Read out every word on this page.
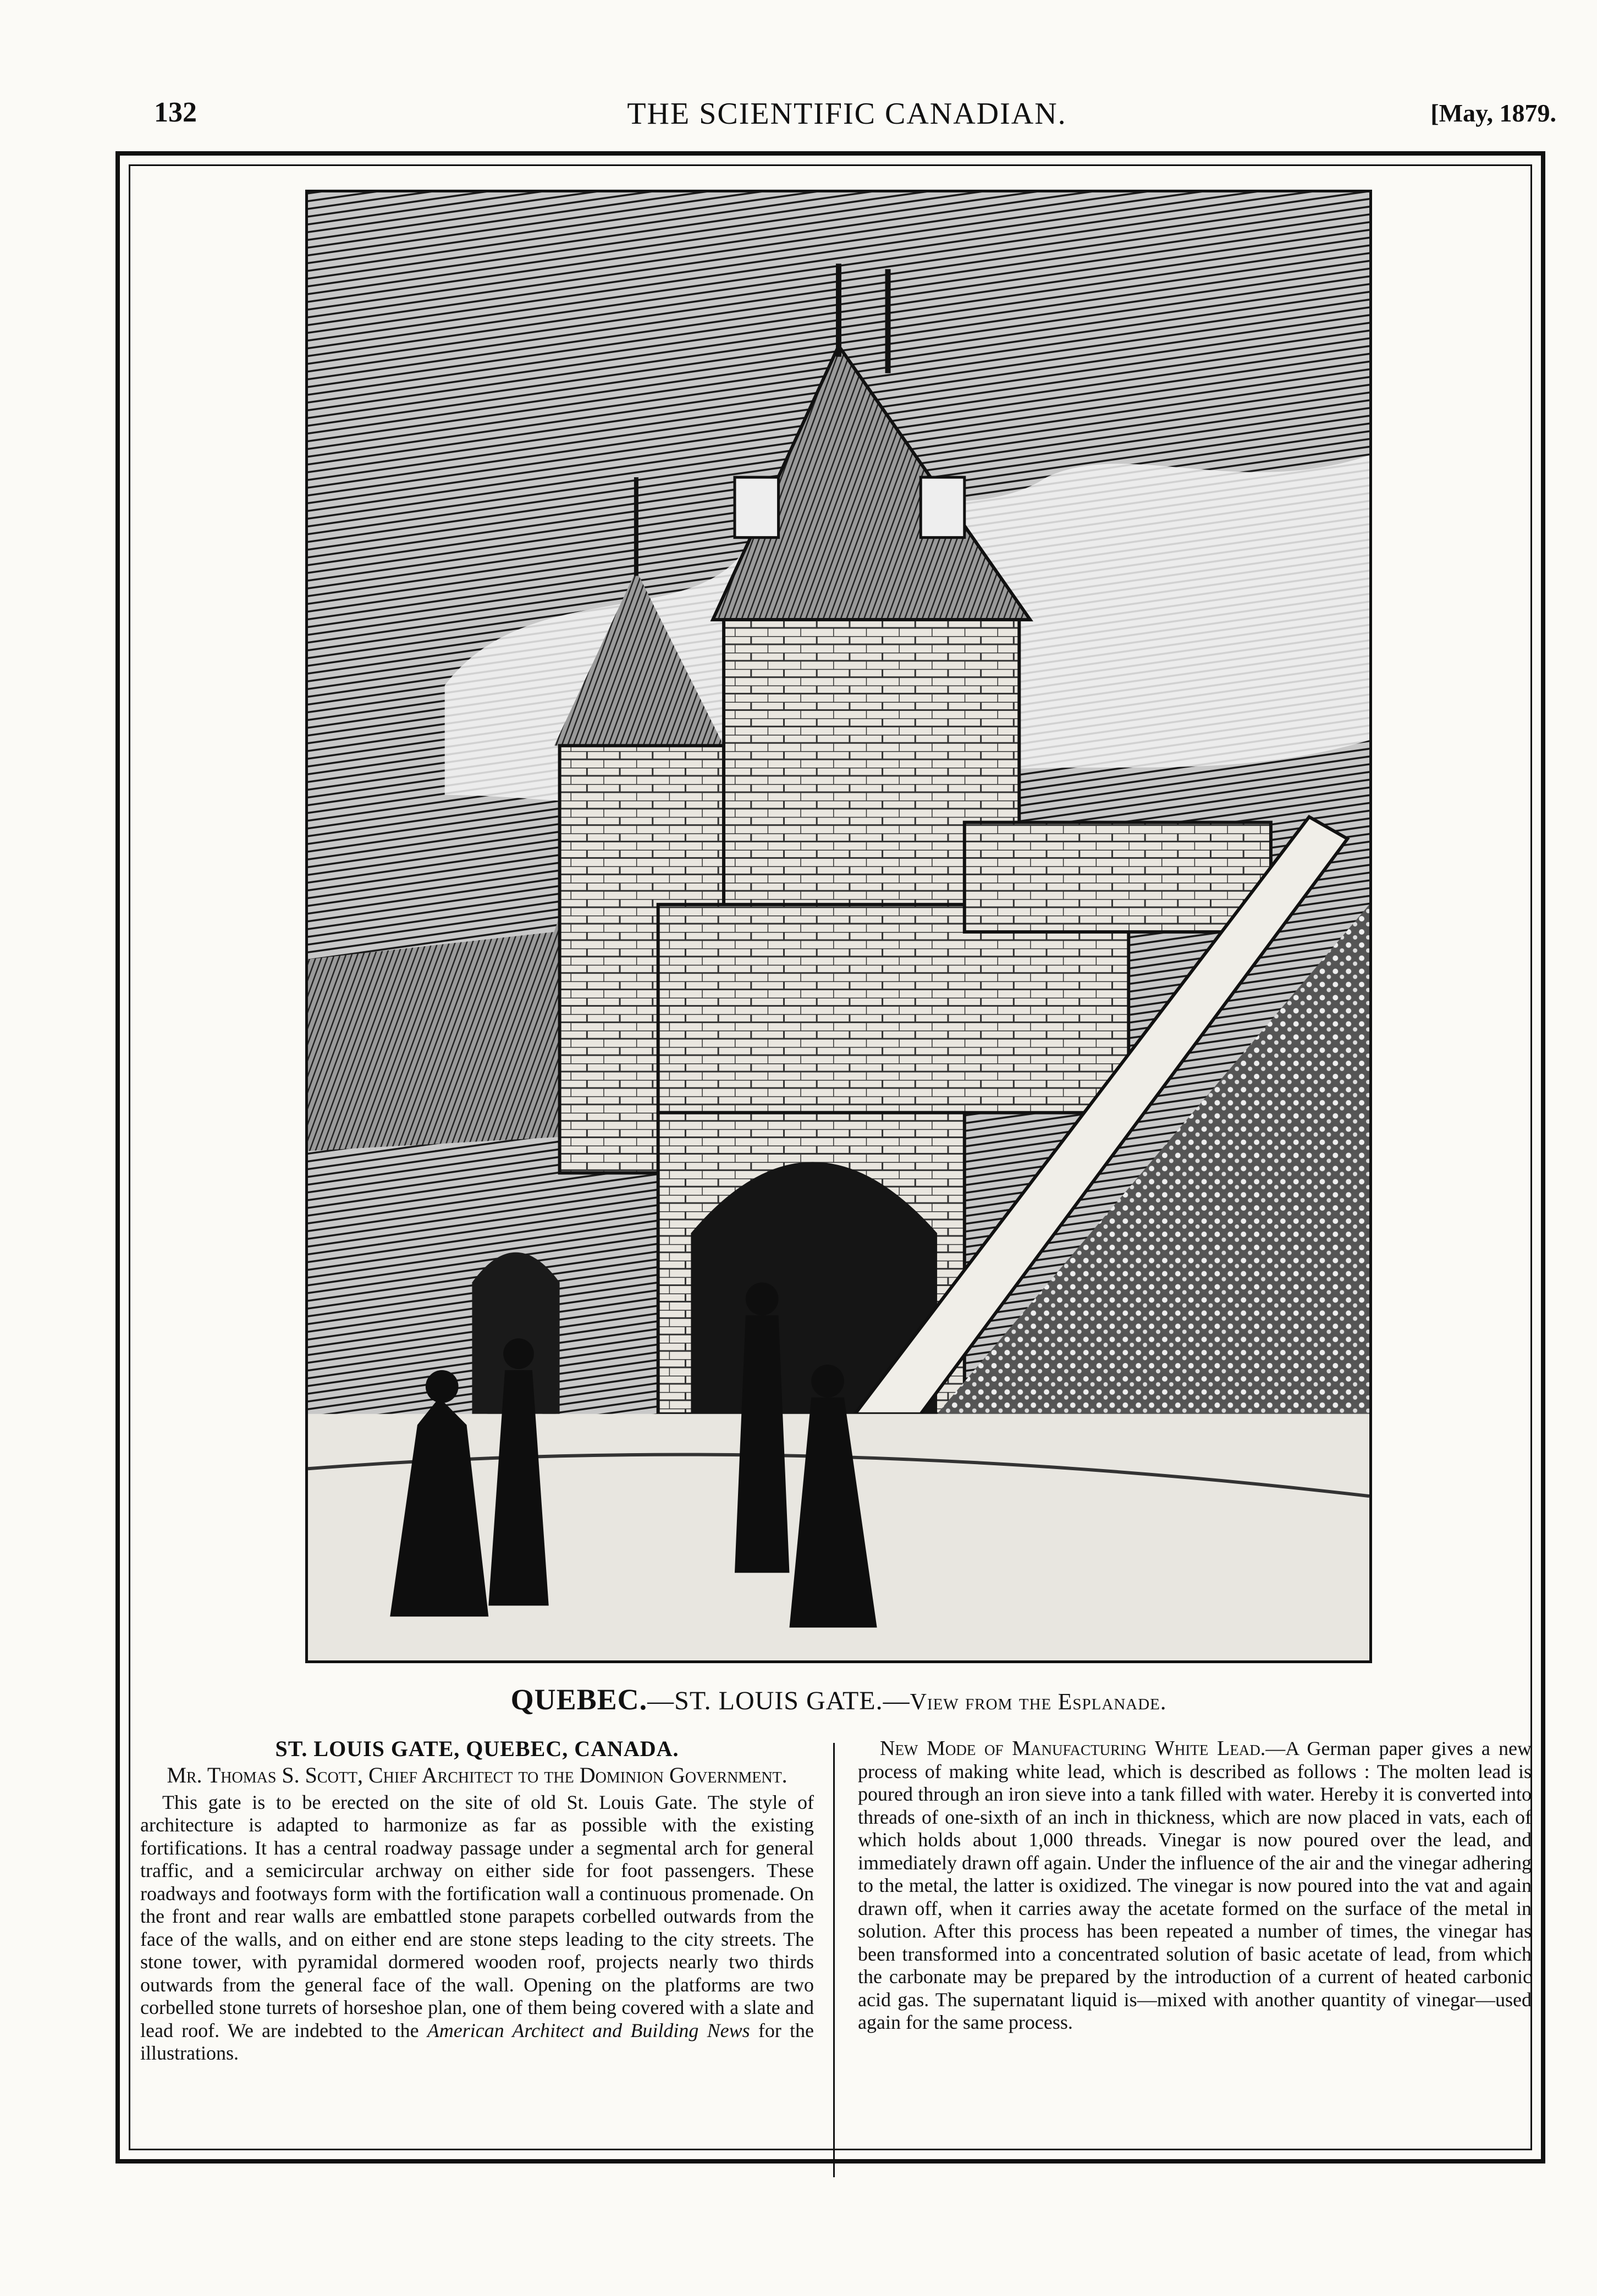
132	THE SCIENTIFIC CANADIAN.	[May, 1879.
QUEBEC.—ST. LOUIS GATE.—View from the Esplanade.

ST. LOUIS GATE, QUEBEC, CANADA.

Mr. Thomas S. Scott, Chief Architect to the Dominion Government.

This gate is to be erected on the site of old St. Louis Gate. The style of architecture is adapted to harmonize as far as possible with the existing fortifications. It has a central roadway passage under a segmental arch for general traffic, and a semicircular archway on either side for foot passengers. These roadways and footways form with the fortification wall a continuous promenade. On the front and rear walls are embattled stone parapets corbelled outwards from the face of the walls, and on either end are stone steps leading to the city streets. The stone tower, with pyramidal dormered wooden roof, projects nearly two thirds outwards from the general face of the wall. Opening on the platforms are two corbelled stone turrets of horseshoe plan, one of them being covered with a slate and lead roof. We are indebted to the American Architect and Building News for the illustrations.

New Mode of Manufacturing White Lead.—A German paper gives a new process of making white lead, which is described as follows : The molten lead is poured through an iron sieve into a tank filled with water. Hereby it is converted into threads of one-sixth of an inch in thickness, which are now placed in vats, each of which holds about 1,000 threads. Vinegar is now poured over the lead, and immediately drawn off again. Under the influence of the air and the vinegar adhering to the metal, the latter is oxidized. The vinegar is now poured into the vat and again drawn off, when it carries away the acetate formed on the surface of the metal in solution. After this process has been repeated a number of times, the vinegar has been transformed into a concentrated solution of basic acetate of lead, from which the carbonate may be prepared by the introduction of a current of heated carbonic acid gas. The supernatant liquid is—mixed with another quantity of vinegar—used again for the same process.
